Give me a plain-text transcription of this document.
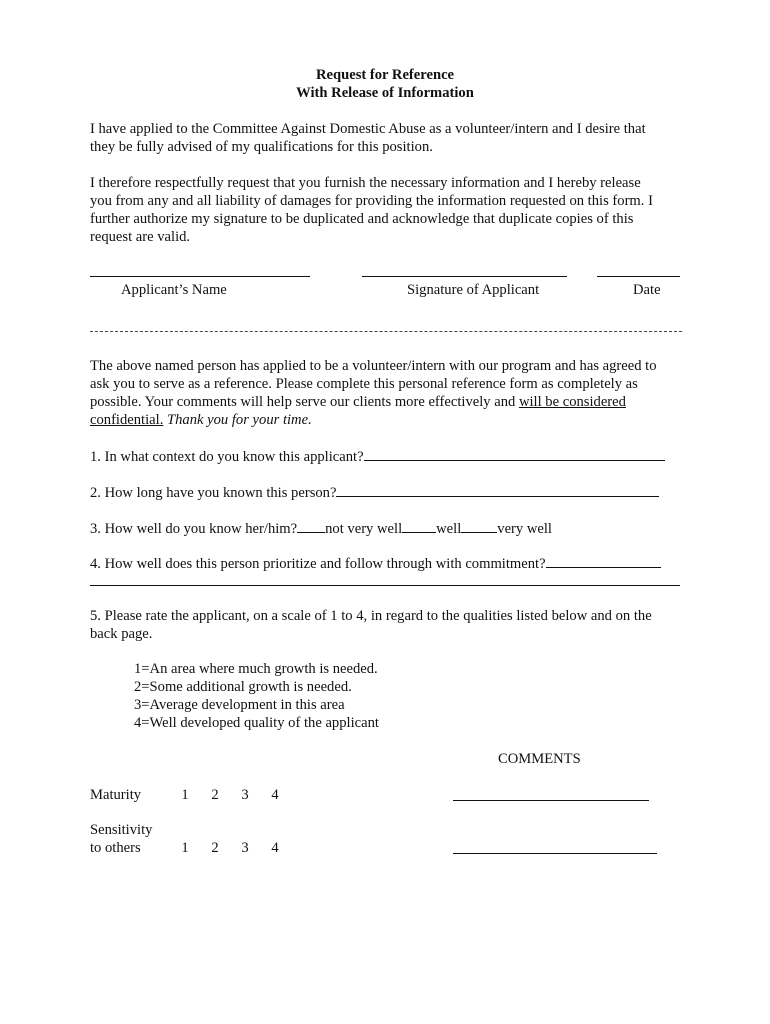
Request for Reference
With Release of Information
I have applied to the Committee Against Domestic Abuse as a volunteer/intern and I desire that
they be fully advised of my qualifications for this position.
I therefore respectfully request that you furnish the necessary information and I hereby release
you from any and all liability of damages for providing the information requested on this form. I
further authorize my signature to be duplicated and acknowledge that duplicate copies of this
request are valid.
Applicant’s Name	Signature of Applicant	Date
The above named person has applied to be a volunteer/intern with our program and has agreed to
ask you to serve as a reference. Please complete this personal reference form as completely as
possible. Your comments will help serve our clients more effectively and will be considered
confidential. Thank you for your time.
1. In what context do you know this applicant?
2. How long have you known this person?
3. How well do you know her/him? not very well well very well
4. How well does this person prioritize and follow through with commitment?
5. Please rate the applicant, on a scale of 1 to 4, in regard to the qualities listed below and on the
back page.
1=An area where much growth is needed.
2=Some additional growth is needed.
3=Average development in this area
4=Well developed quality of the applicant
COMMENTS
Maturity	1	2	3	4
Sensitivity
to others	1	2	3	4
